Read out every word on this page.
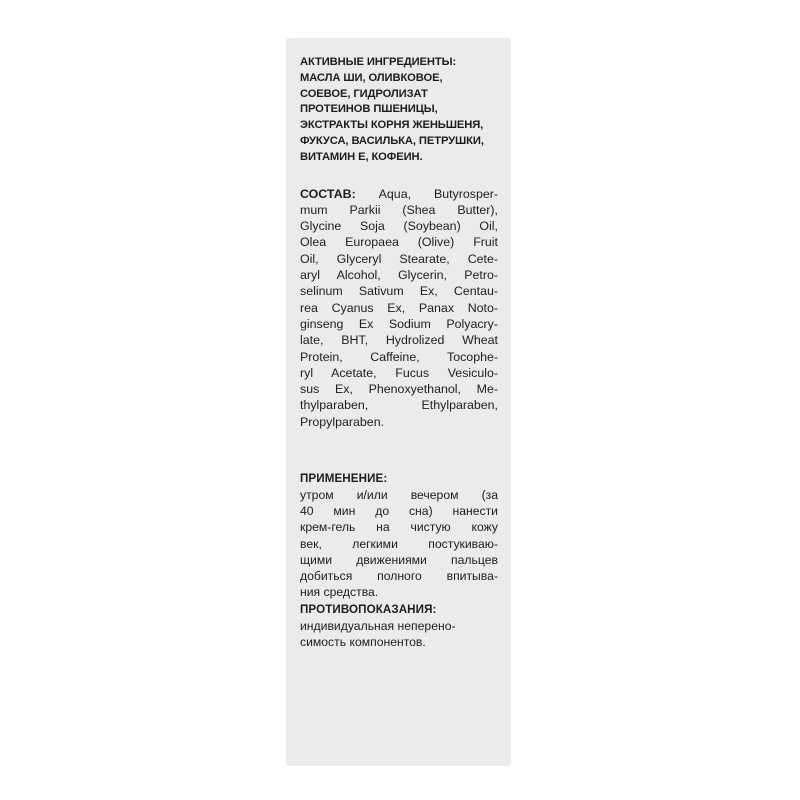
АКТИВНЫЕ ИНГРЕДИЕНТЫ:
МАСЛА ШИ, ОЛИВКОВОЕ,
СОЕВОЕ, ГИДРОЛИЗАТ
ПРОТЕИНОВ ПШЕНИЦЫ,
ЭКСТРАКТЫ КОРНЯ ЖЕНЬШЕНЯ,
ФУКУСА, ВАСИЛЬКА, ПЕТРУШКИ,
ВИТАМИН Е, КОФЕИН.
СОСТАВ: Aqua, Butyrosper-
mum Parkii (Shea Butter),
Glycine Soja (Soybean) Oil,
Olea Europaea (Olive) Fruit
Oil, Glyceryl Stearate, Cete-
aryl Alcohol, Glycerin, Petro-
selinum Sativum Ex, Centau-
rea Cyanus Ex, Panax Noto-
ginseng Ex Sodium Polyacry-
late, BHT, Hydrolized Wheat
Protein, Caffeine, Tocophe-
ryl Acetate, Fucus Vesiculo-
sus Ex, Phenoxyethanol, Me-
thylparaben, Ethylparaben,
Propylparaben.
ПРИМЕНЕНИЕ:
утром и/или вечером (за
40 мин до сна) нанести
крем-гель на чистую кожу
век, легкими постукиваю-
щими движениями пальцев
добиться полного впитыва-
ния средства.
ПРОТИВОПОКАЗАНИЯ:
индивидуальная неперено-
симость компонентов.
